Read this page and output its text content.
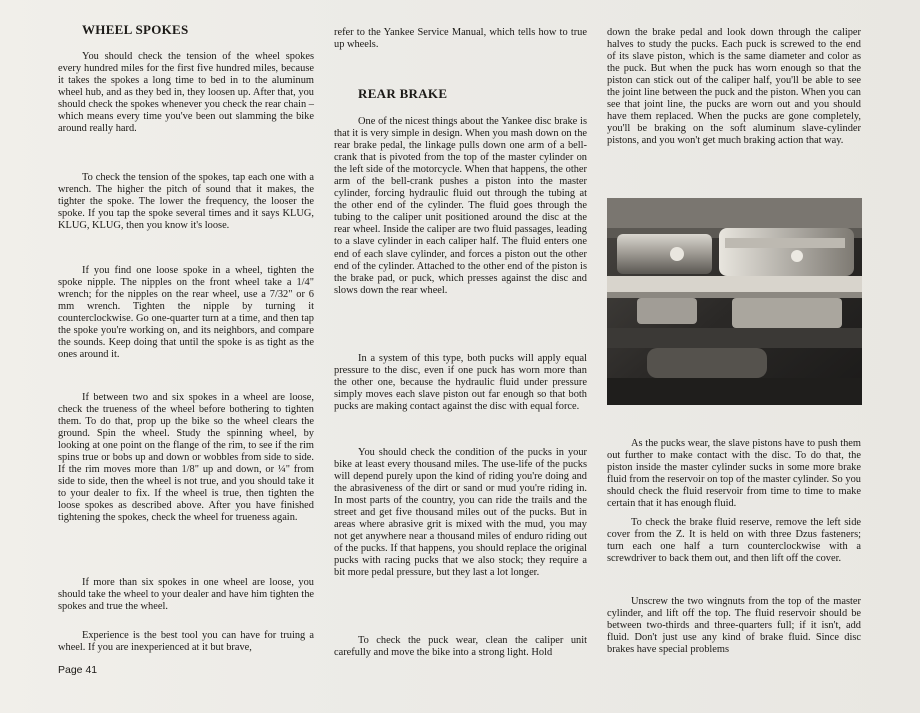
WHEEL SPOKES

You should check the tension of the wheel spokes every hundred miles for the first five hundred miles, because it takes the spokes a long time to bed in to the aluminum wheel hub, and as they bed in, they loosen up. After that, you should check the spokes whenever you check the rear chain – which means every time you've been out slamming the bike around really hard.

To check the tension of the spokes, tap each one with a wrench. The higher the pitch of sound that it makes, the tighter the spoke. The lower the frequency, the looser the spoke. If you tap the spoke several times and it says KLUG, KLUG, KLUG, then you know it's loose.

If you find one loose spoke in a wheel, tighten the spoke nipple. The nipples on the front wheel take a 1/4" wrench; for the nipples on the rear wheel, use a 7/32" or 6 mm wrench. Tighten the nipple by turning it counterclockwise. Go one-quarter turn at a time, and then tap the spoke you're working on, and its neighbors, and compare the sounds. Keep doing that until the spoke is as tight as the ones around it.

If between two and six spokes in a wheel are loose, check the trueness of the wheel before bothering to tighten them. To do that, prop up the bike so the wheel clears the ground. Spin the wheel. Study the spinning wheel, by looking at one point on the flange of the rim, to see if the rim spins true or bobs up and down or wobbles from side to side. If the rim moves more than 1/8" up and down, or ¼" from side to side, then the wheel is not true, and you should take it to your dealer to fix. If the wheel is true, then tighten the loose spokes as described above. After you have finished tightening the spokes, check the wheel for trueness again.

If more than six spokes in one wheel are loose, you should take the wheel to your dealer and have him tighten the spokes and true the wheel.

Experience is the best tool you can have for truing a wheel. If you are inexperienced at it but brave,

refer to the Yankee Service Manual, which tells how to true up wheels.

REAR BRAKE

One of the nicest things about the Yankee disc brake is that it is very simple in design. When you mash down on the rear brake pedal, the linkage pulls down one arm of a bell-crank that is pivoted from the top of the master cylinder on the left side of the motorcycle. When that happens, the other arm of the bell-crank pushes a piston into the master cylinder, forcing hydraulic fluid out through the tubing at the other end of the cylinder. The fluid goes through the tubing to the caliper unit positioned around the disc at the rear wheel. Inside the caliper are two fluid passages, leading to a slave cylinder in each caliper half. The fluid enters one end of each slave cylinder, and forces a piston out the other end of the cylinder. Attached to the other end of the piston is the brake pad, or puck, which presses against the disc and slows down the rear wheel.

In a system of this type, both pucks will apply equal pressure to the disc, even if one puck has worn more than the other one, because the hydraulic fluid under pressure simply moves each slave piston out far enough so that both pucks are making contact against the disc with equal force.

You should check the condition of the pucks in your bike at least every thousand miles. The use-life of the pucks will depend purely upon the kind of riding you're doing and the abrasiveness of the dirt or sand or mud you're riding in. In most parts of the country, you can ride the trails and the street and get five thousand miles out of the pucks. But in areas where abrasive grit is mixed with the mud, you may not get anywhere near a thousand miles of enduro riding out of the pucks. If that happens, you should replace the original pucks with racing pucks that we also stock; they require a bit more pedal pressure, but they last a lot longer.

To check the puck wear, clean the caliper unit carefully and move the bike into a strong light. Hold

down the brake pedal and look down through the caliper halves to study the pucks. Each puck is screwed to the end of its slave piston, which is the same diameter and color as the puck. But when the puck has worn enough so that the piston can stick out of the caliper half, you'll be able to see the joint line between the puck and the piston. When you can see that joint line, the pucks are worn out and you should have them replaced. When the pucks are gone completely, you'll be braking on the soft aluminum slave-cylinder pistons, and you won't get much braking action that way.

As the pucks wear, the slave pistons have to push them out further to make contact with the disc. To do that, the piston inside the master cylinder sucks in some more brake fluid from the reservoir on top of the master cylinder. So you should check the fluid reservoir from time to time to make certain that it has enough fluid.

To check the brake fluid reserve, remove the left side cover from the Z. It is held on with three Dzus fasteners; turn each one half a turn counterclockwise with a screwdriver to back them out, and then lift off the cover.

Unscrew the two wingnuts from the top of the master cylinder, and lift off the top. The fluid reservoir should be between two-thirds and three-quarters full; if it isn't, add fluid. Don't just use any kind of brake fluid. Since disc brakes have special problems

Page 41
